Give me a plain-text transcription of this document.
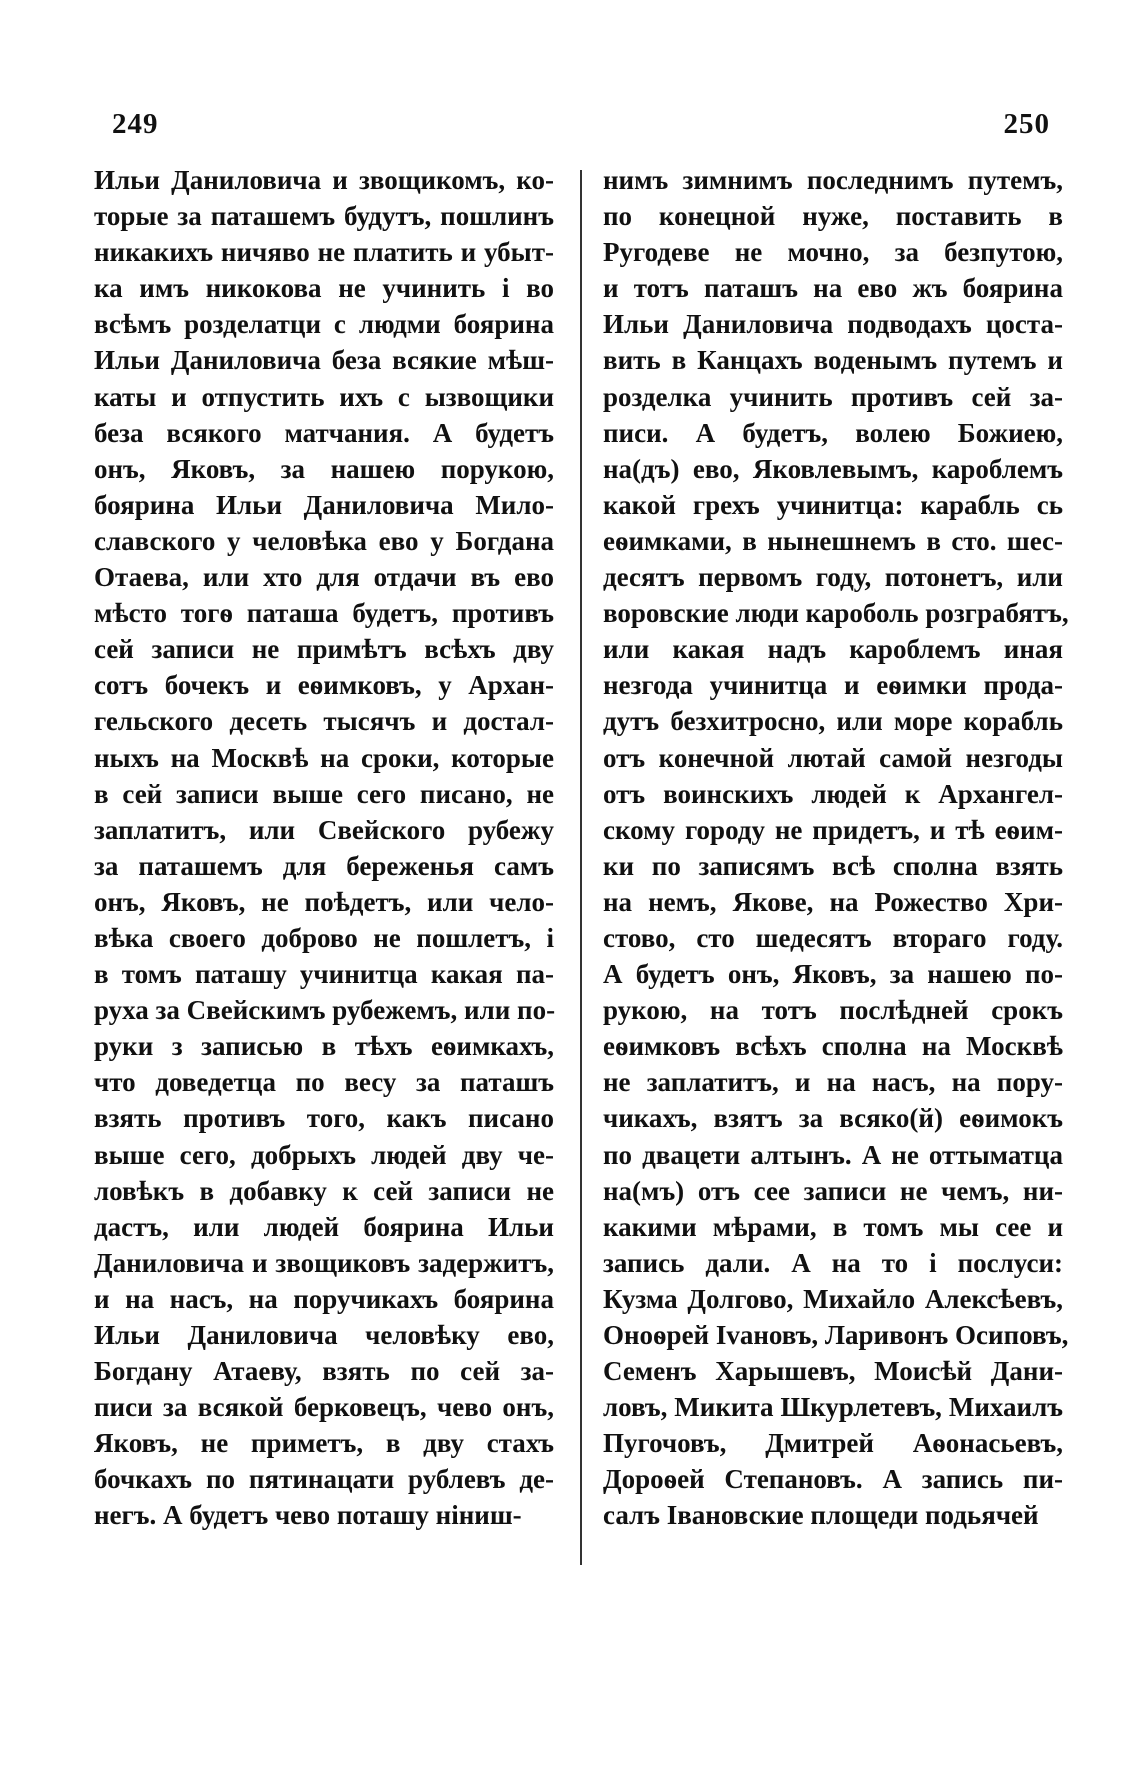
249	250
Ильи Даниловича и звощикомъ, ко-
торые за паташемъ будутъ, пошлинъ
никакихъ ничяво не платить и убыт-
ка имъ никокова не учинить і во
всѣмъ розделатци с людми боярина
Ильи Даниловича беза всякие мѣш-
каты и отпустить ихъ с ызвощики
беза всякого матчания. А будетъ
онъ, Яковъ, за нашею порукою,
боярина Ильи Даниловича Мило-
славского у человѣка ево у Богдана
Отаева, или хто для отдачи въ ево
мѣсто тогѳ паташа будетъ, противъ
сей записи не примѣтъ всѣхъ дву
сотъ бочекъ и еѳимковъ, у Архан-
гельского десеть тысячъ и достал-
ныхъ на Москвѣ на сроки, которые
в сей записи выше сего писано, не
заплатитъ, или Свейского рубежу
за паташемъ для береженья самъ
онъ, Яковъ, не поѣдетъ, или чело-
вѣка своего доброво не пошлетъ, і
в томъ паташу учинитца какая па-
руха за Свейскимъ рубежемъ, или по-
руки з записью в тѣхъ еѳимкахъ,
что доведетца по весу за паташъ
взять противъ того, какъ писано
выше сего, добрыхъ людей дву че-
ловѣкъ в добавку к сей записи не
дастъ, или людей боярина Ильи
Даниловича и звощиковъ задержитъ,
и на насъ, на поручикахъ боярина
Ильи Даниловича человѣку ево,
Богдану Атаеву, взять по сей за-
писи за всякой берковецъ, чево онъ,
Яковъ, не приметъ, в дву стахъ
бочкахъ по пятинацати рублевъ де-
негъ. А будетъ чево поташу нiниш-
нимъ зимнимъ последнимъ путемъ,
по конецной нуже, поставить в
Ругодеве не мочно, за безпутою,
и тотъ паташъ на ево жъ боярина
Ильи Даниловича подводахъ цоста-
вить в Канцахъ воденымъ путемъ и
розделка учинить противъ сей за-
писи. А будетъ, волею Божиею,
на(дъ) ево, Яковлевымъ, кароблемъ
какой грехъ учинитца: карабль сь
еѳимками, в нынешнемъ в сто. шес-
десятъ первомъ году, потонетъ, или
воровские люди кароболь розграбятъ,
или какая надъ кароблемъ иная
незгода учинитца и еѳимки прода-
дутъ безхитросно, или море корабль
отъ конечной лютай самой незгоды
отъ воинскихъ людей к Архангел-
скому городу не придетъ, и тѣ еѳим-
ки по записямъ всѣ сполна взять
на немъ, Якове, на Рожество Хри-
стово, сто шедесятъ втораго году.
А будетъ онъ, Яковъ, за нашею по-
рукою, на тотъ послѣдней срокъ
еѳимковъ всѣхъ сполна на Москвѣ
не заплатитъ, и на насъ, на пору-
чикахъ, взятъ за всяко(й) еѳимокъ
по двацети алтынъ. А не оттыматца
на(мъ) отъ сее записи не чемъ, ни-
какими мѣрами, в томъ мы сее и
запись дали. А на то і послуси:
Кузма Долгово, Михайло Алексѣевъ,
Оноѳрей Іvановъ, Ларивонъ Осиповъ,
Семенъ Харышевъ, Моисѣй Дани-
ловъ, Микита Шкурлетевъ, Михаилъ
Пугочовъ, Дмитрей Аѳонасьевъ,
Дороѳей Степановъ. А запись пи-
салъ Івановские площеди подьячей
